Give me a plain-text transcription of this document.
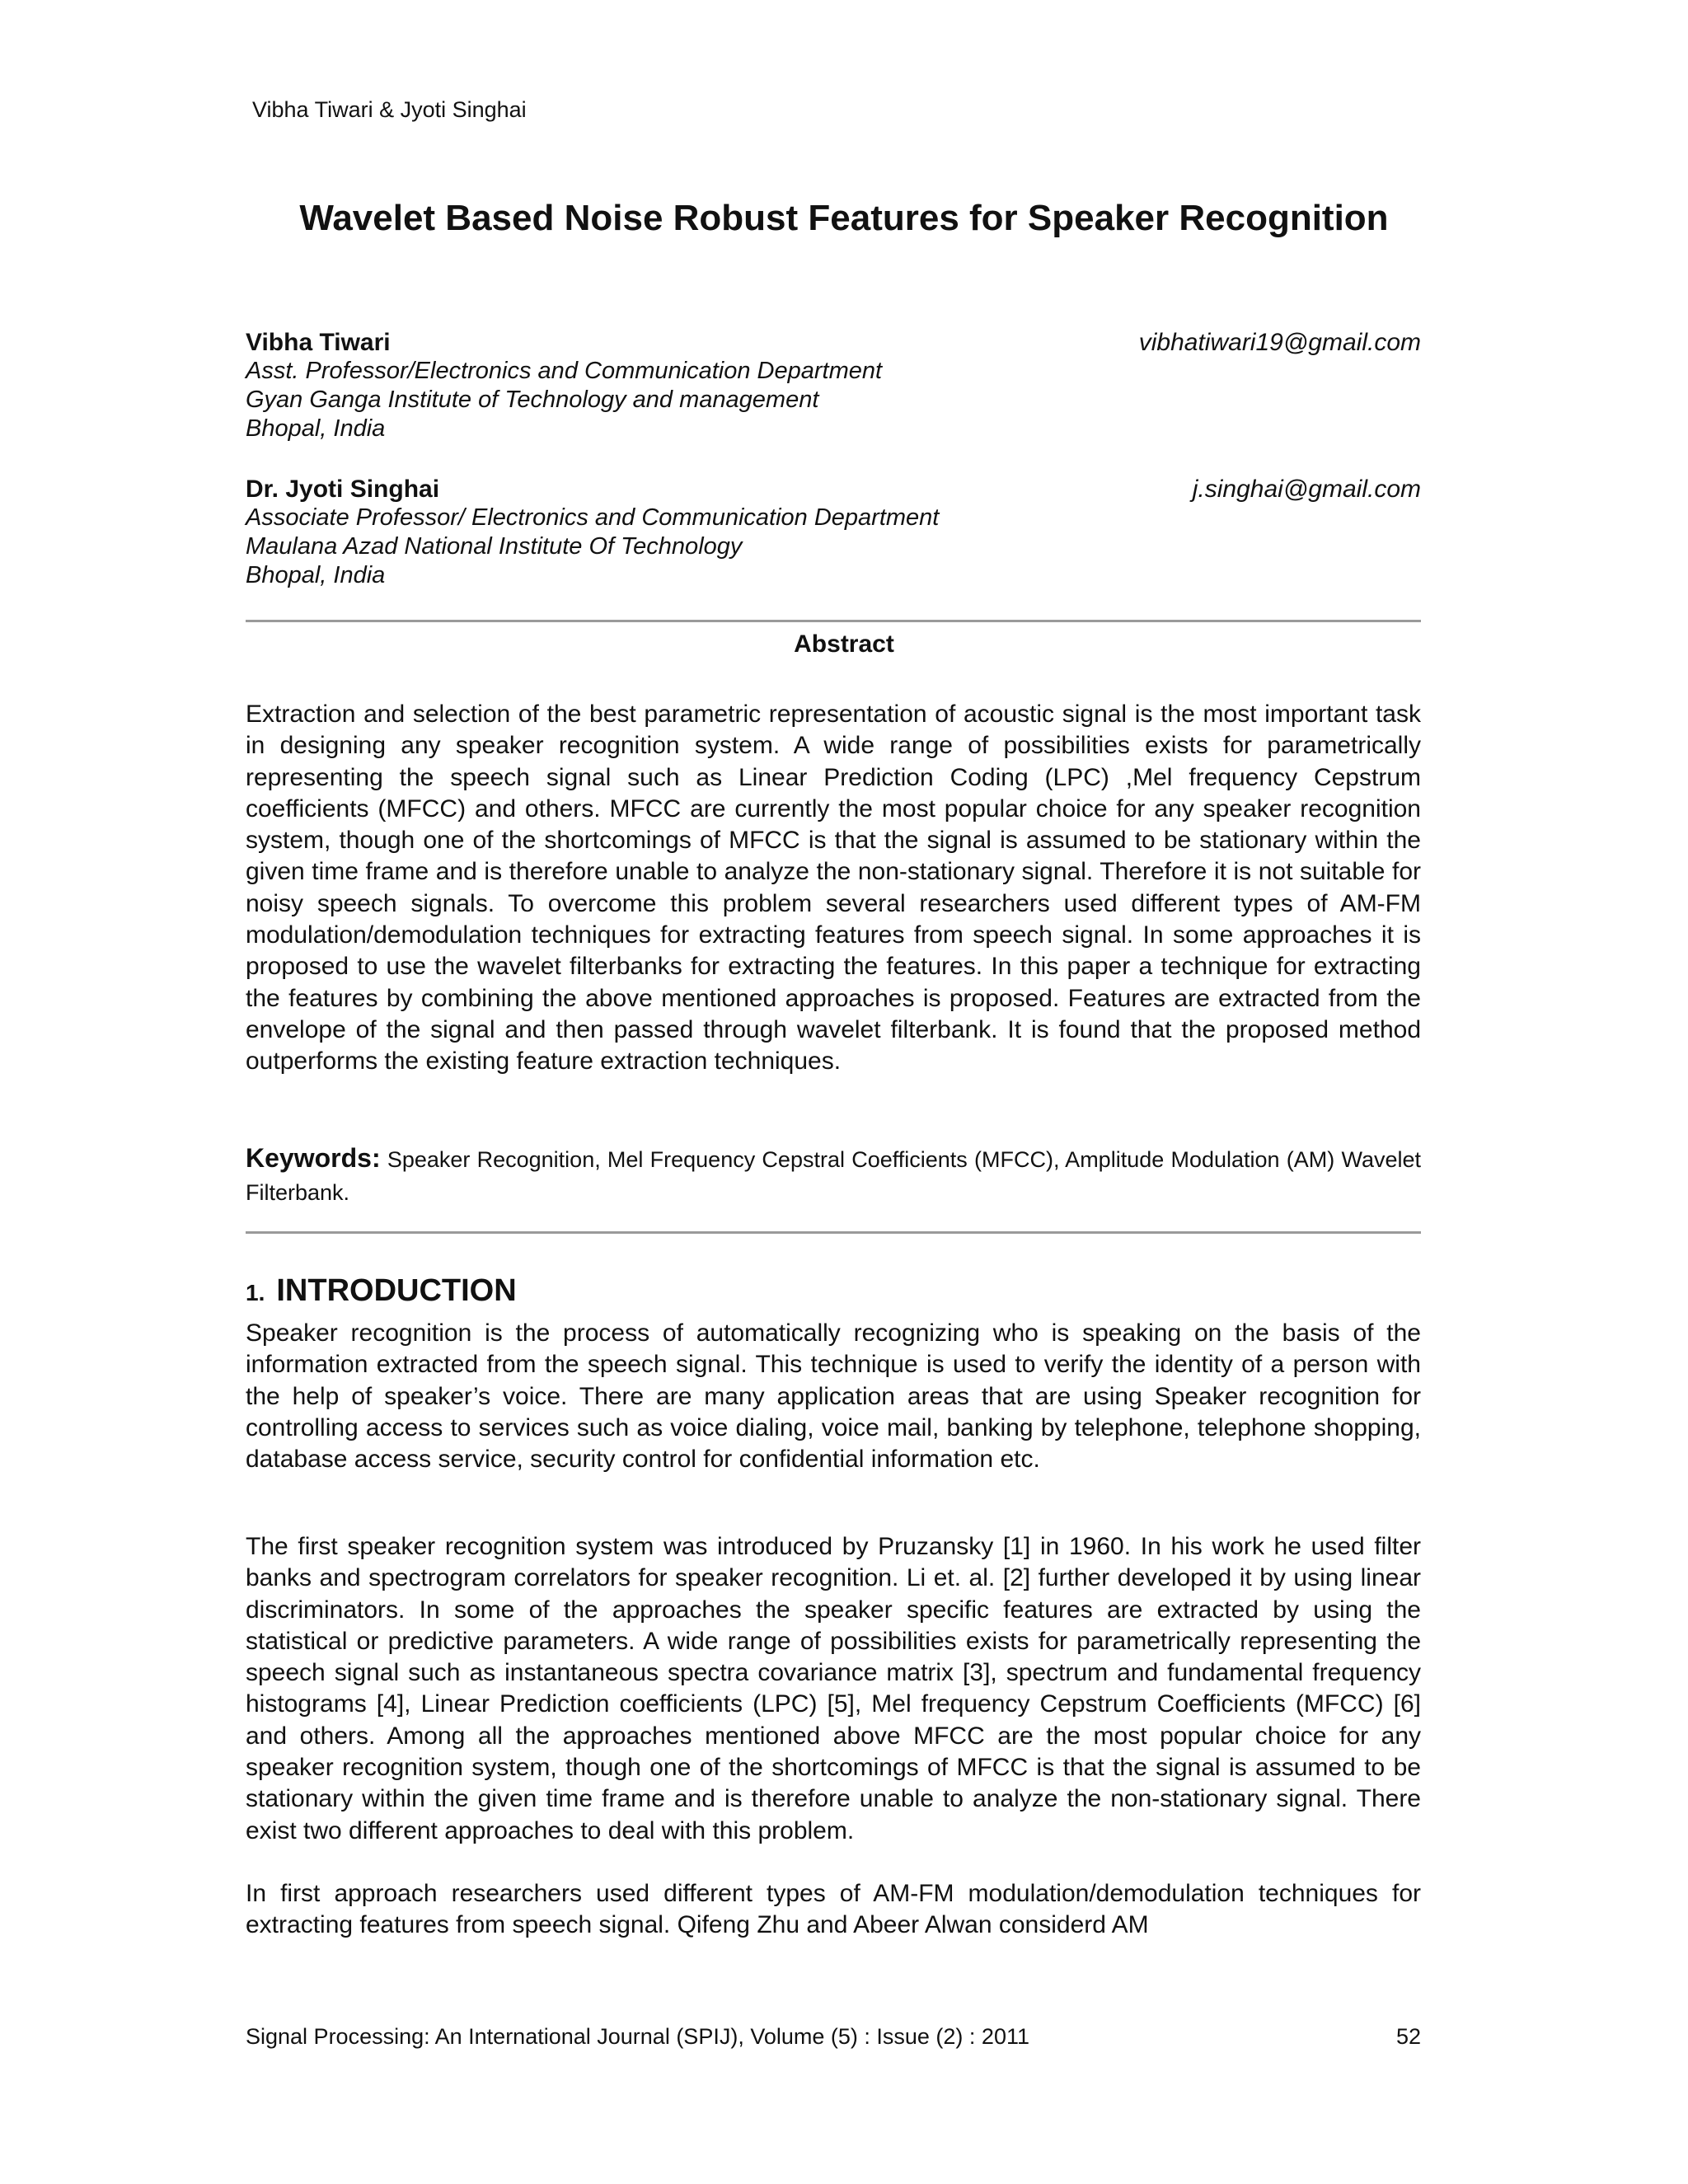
Vibha Tiwari & Jyoti Singhai
Wavelet Based Noise Robust Features for Speaker Recognition
Vibha Tiwari	vibhatiwari19@gmail.com
Asst. Professor/Electronics and Communication Department
Gyan Ganga Institute of Technology and management
Bhopal, India
Dr. Jyoti Singhai	j.singhai@gmail.com
Associate Professor/ Electronics and Communication Department
Maulana Azad National Institute Of Technology
Bhopal, India
Abstract
Extraction and selection of the best parametric representation of acoustic signal is the most important task in designing any speaker recognition system. A wide range of possibilities exists for parametrically representing the speech signal such as Linear Prediction Coding (LPC) ,Mel frequency Cepstrum coefficients (MFCC) and others. MFCC are currently the most popular choice for any speaker recognition system, though one of the shortcomings of MFCC is that the signal is assumed to be stationary within the given time frame and is therefore unable to analyze the non-stationary signal. Therefore it is not suitable for noisy speech signals. To overcome this problem several researchers used different types of AM-FM modulation/demodulation techniques for extracting features from speech signal. In some approaches it is proposed to use the wavelet filterbanks for extracting the features. In this paper a technique for extracting the features by combining the above mentioned approaches is proposed. Features are extracted from the envelope of the signal and then passed through wavelet filterbank. It is found that the proposed method outperforms the existing feature extraction techniques.
Keywords: Speaker Recognition, Mel Frequency Cepstral Coefficients (MFCC), Amplitude Modulation (AM) Wavelet Filterbank.
1. INTRODUCTION
Speaker recognition is the process of automatically recognizing who is speaking on the basis of the information extracted from the speech signal. This technique is used to verify the identity of a person with the help of speaker’s voice. There are many application areas that are using Speaker recognition for controlling access to services such as voice dialing, voice mail, banking by telephone, telephone shopping, database access service, security control for confidential information etc.
The first speaker recognition system was introduced by Pruzansky [1] in 1960. In his work he used filter banks and spectrogram correlators for speaker recognition. Li et. al. [2] further developed it by using linear discriminators. In some of the approaches the speaker specific features are extracted by using the statistical or predictive parameters. A wide range of possibilities exists for parametrically representing the speech signal such as instantaneous spectra covariance matrix [3], spectrum and fundamental frequency histograms [4], Linear Prediction coefficients (LPC) [5], Mel frequency Cepstrum Coefficients (MFCC) [6] and others. Among all the approaches mentioned above MFCC are the most popular choice for any speaker recognition system, though one of the shortcomings of MFCC is that the signal is assumed to be stationary within the given time frame and is therefore unable to analyze the non-stationary signal. There exist two different approaches to deal with this problem.
In first approach researchers used different types of AM-FM modulation/demodulation techniques for extracting features from speech signal. Qifeng Zhu and Abeer Alwan considerd AM
Signal Processing: An International Journal (SPIJ), Volume (5) : Issue (2) : 2011	52
